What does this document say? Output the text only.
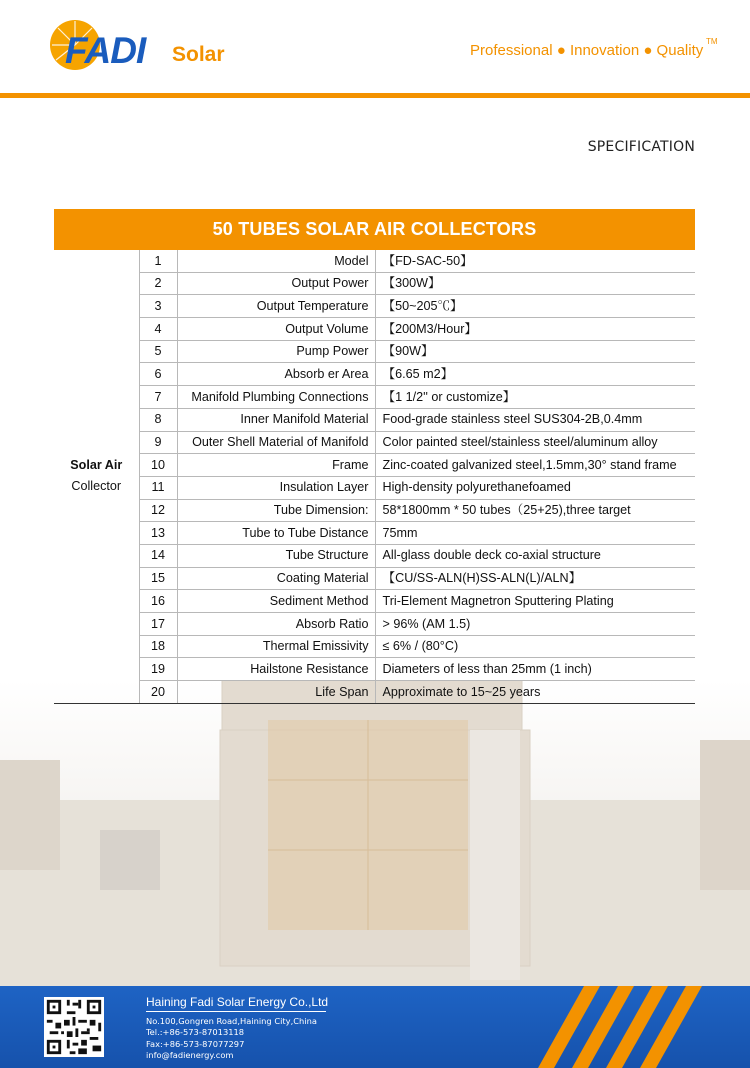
FADI Solar	Professional ● Innovation ● Quality
TM
SPECIFICATION
50 TUBES SOLAR AIR COLLECTORS
Solar Air
Collector	1	Model	【FD-SAC-50】
	2	Output Power	【300W】
	3	Output Temperature	【50~205℃】
	4	Output Volume	【200M3/Hour】
	5	Pump Power	【90W】
	6	Absorb er Area	【6.65 m2】
	7	Manifold Plumbing Connections	【1 1/2'' or customize】
	8	Inner Manifold Material	Food-grade stainless steel SUS304-2B,0.4mm
	9	Outer Shell Material of Manifold	Color painted steel/stainless steel/aluminum alloy
	10	Frame	Zinc-coated galvanized steel,1.5mm,30° stand frame
	11	Insulation Layer	High-density polyurethanefoamed
	12	Tube Dimension:	58*1800mm * 50 tubes（25+25),three target
	13	Tube to Tube Distance	75mm
	14	Tube Structure	All-glass double deck co-axial structure
	15	Coating Material	【CU/SS-ALN(H)SS-ALN(L)/ALN】
	16	Sediment Method	Tri-Element Magnetron Sputtering Plating
	17	Absorb Ratio	> 96% (AM 1.5)
	18	Thermal Emissivity	≤ 6% / (80°C)
	19	Hailstone Resistance	Diameters of less than 25mm (1 inch)
	20	Life Span	Approximate to 15~25 years
Haining Fadi Solar Energy Co.,Ltd
No.100,Gongren Road,Haining City,China
Tel.:+86-573-87013118
Fax:+86-573-87077297
info@fadienergy.com
